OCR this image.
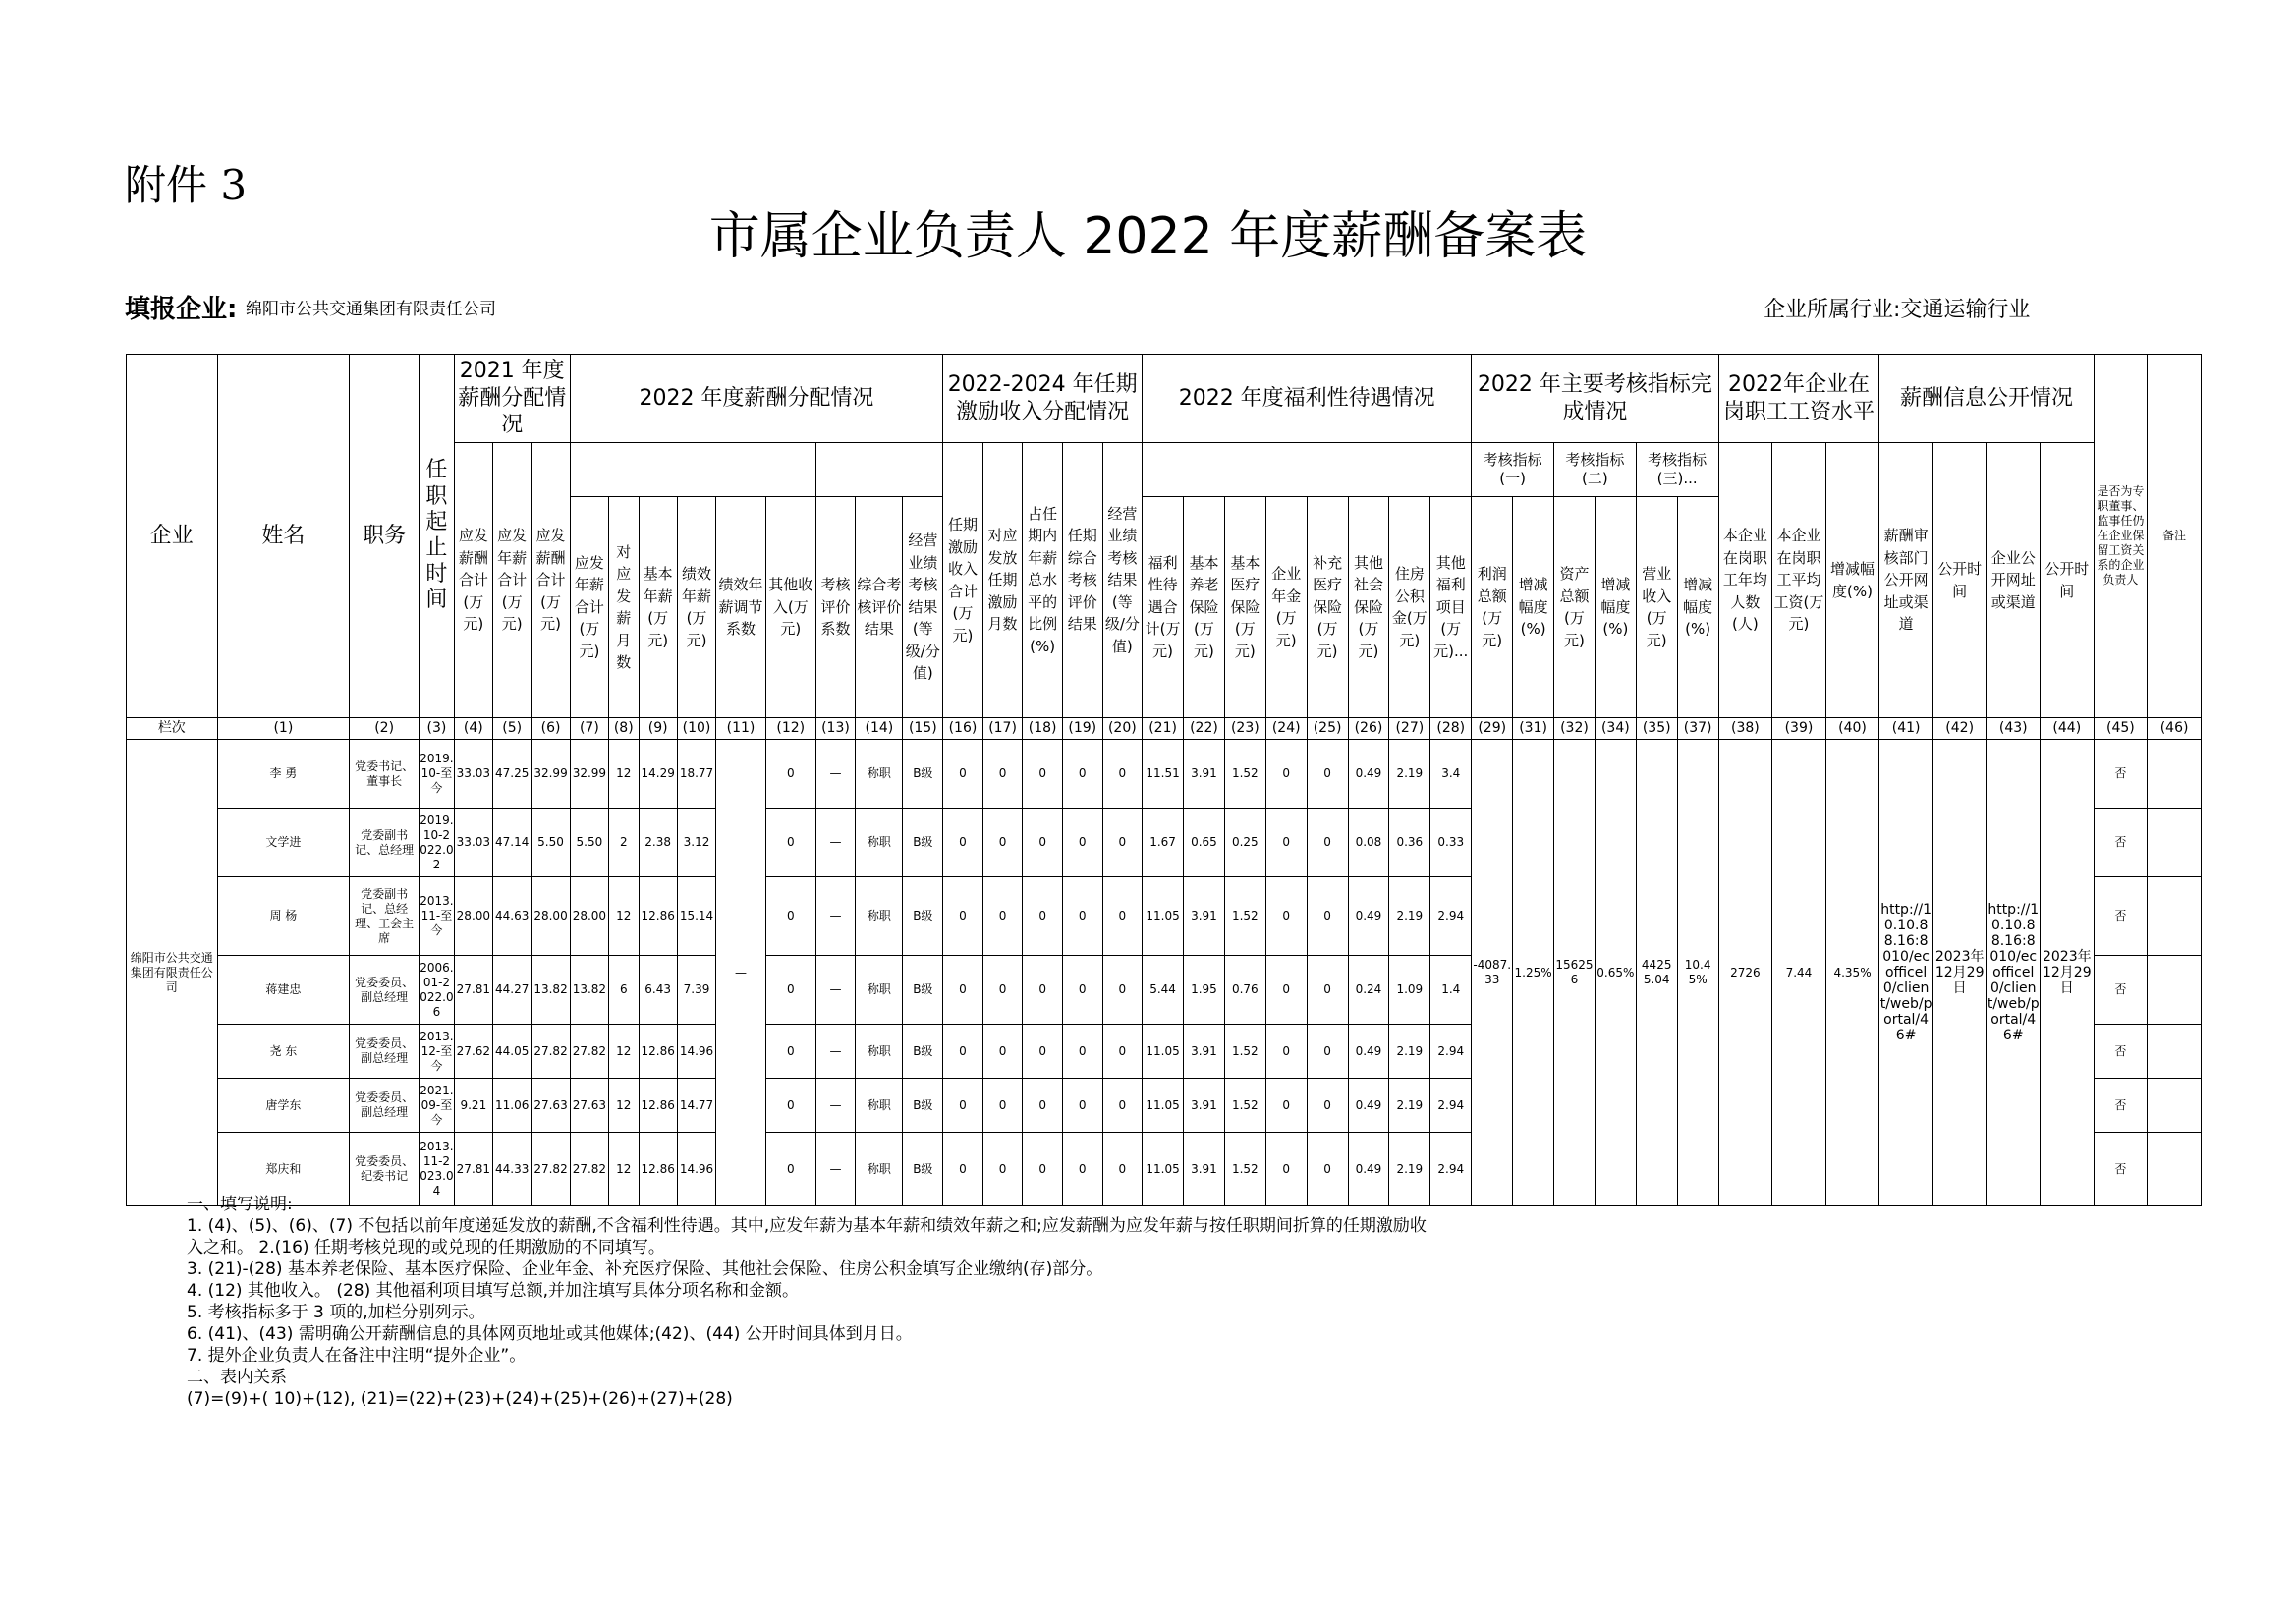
附件 3
市属企业负责人 2022 年度薪酬备案表
填报企业: 绵阳市公共交通集团有限责任公司	企业所属行业:交通运输行业
企业	姓名	职务	任职起止时间	2021 年度薪酬分配情况			2022 年度薪酬分配情况									2022-2024 年任期激励收入分配情况					2022 年度福利性待遇情况								2022 年主要考核指标完成情况						2022年企业在岗职工工资水平			薪酬信息公开情况				是否为专职董事、监事任仍在企业保留工资关系的企业负责人	备注
				应发薪酬合计(万元)	应发年薪合计(万元)	应发薪酬合计(万元)										任期激励收入合计(万元)	对应发放任期激励月数	占任期内年薪总水平的比例(%)	任期综合考核评价结果	经营业绩考核结果(等级/分值)									考核指标(一)		考核指标(二)		考核指标(三)...		本企业在岗职工年均人数(人)	本企业在岗职工平均工资(万元)	增减幅度(%)	薪酬审核部门公开网址或渠道	公开时间	企业公开网址或渠道	公开时间		
							应发年薪合计(万元)	对应发薪月数	基本年薪(万元)	绩效年薪(万元)	绩效年薪调节系数	其他收入(万元)	考核评价系数	综合考核评价结果	经营业绩考核结果(等级/分值)						福利性待遇合计(万元)	基本养老保险(万元)	基本医疗保险(万元)	企业年金(万元)	补充医疗保险(万元)	其他社会保险(万元)	住房公积金(万元)	其他福利项目(万元)...	利润总额(万元)	增减幅度(%)	资产总额(万元)	增减幅度(%)	营业收入(万元)	增减幅度(%)									
栏次	(1)	(2)	(3)	(4)	(5)	(6)	(7)	(8)	(9)	(10)	(11)	(12)	(13)	(14)	(15)	(16)	(17)	(18)	(19)	(20)	(21)	(22)	(23)	(24)	(25)	(26)	(27)	(28)	(29)	(31)	(32)	(34)	(35)	(37)	(38)	(39)	(40)	(41)	(42)	(43)	(44)	(45)	(46)
绵阳市公共交通集团有限责任公司	李 勇	党委书记、董事长	2019.10-至今	33.03	47.25	32.99	32.99	12	14.29	18.77	—	0	—	称职	B级	0	0	0	0	0	11.51	3.91	1.52	0	0	0.49	2.19	3.4	-4087.33	1.25%	156256	0.65%	44255.04	10.45%	2726	7.44	4.35%	http://10.10.88.16:8010/ecofficel0/client/web/portal/46#	2023年12月29日	http://10.10.88.16:8010/ecofficel0/client/web/portal/46#	2023年12月29日	否	
	文学进	党委副书记、总经理	2019.10-2022.02	33.03	47.14	5.50	5.50	2	2.38	3.12		0	—	称职	B级	0	0	0	0	0	1.67	0.65	0.25	0	0	0.08	0.36	0.33														否	
	周 杨	党委副书记、总经理、工会主席	2013.11-至今	28.00	44.63	28.00	28.00	12	12.86	15.14		0	—	称职	B级	0	0	0	0	0	11.05	3.91	1.52	0	0	0.49	2.19	2.94														否	
	蒋建忠	党委委员、副总经理	2006.01-2022.06	27.81	44.27	13.82	13.82	6	6.43	7.39		0	—	称职	B级	0	0	0	0	0	5.44	1.95	0.76	0	0	0.24	1.09	1.4														否	
	尧 东	党委委员、副总经理	2013.12-至今	27.62	44.05	27.82	27.82	12	12.86	14.96		0	—	称职	B级	0	0	0	0	0	11.05	3.91	1.52	0	0	0.49	2.19	2.94														否	
	唐学东	党委委员、副总经理	2021.09-至今	9.21	11.06	27.63	27.63	12	12.86	14.77		0	—	称职	B级	0	0	0	0	0	11.05	3.91	1.52	0	0	0.49	2.19	2.94														否	
	郑庆和	党委委员、纪委书记	2013.11-2023.04	27.81	44.33	27.82	27.82	12	12.86	14.96		0	—	称职	B级	0	0	0	0	0	11.05	3.91	1.52	0	0	0.49	2.19	2.94														否	
一、填写说明:
1. (4)、(5)、(6)、(7) 不包括以前年度递延发放的薪酬,不含福利性待遇。其中,应发年薪为基本年薪和绩效年薪之和;应发薪酬为应发年薪与按任职期间折算的任期激励收
入之和。 2.(16) 任期考核兑现的或兑现的任期激励的不同填写。
3. (21)-(28) 基本养老保险、基本医疗保险、企业年金、补充医疗保险、其他社会保险、住房公积金填写企业缴纳(存)部分。
4. (12) 其他收入。 (28) 其他福利项目填写总额,并加注填写具体分项名称和金额。
5. 考核指标多于 3 项的,加栏分别列示。
6. (41)、(43) 需明确公开薪酬信息的具体网页地址或其他媒体;(42)、(44) 公开时间具体到月日。
7. 提外企业负责人在备注中注明“提外企业”。
二、表内关系
(7)=(9)+( 10)+(12), (21)=(22)+(23)+(24)+(25)+(26)+(27)+(28)
